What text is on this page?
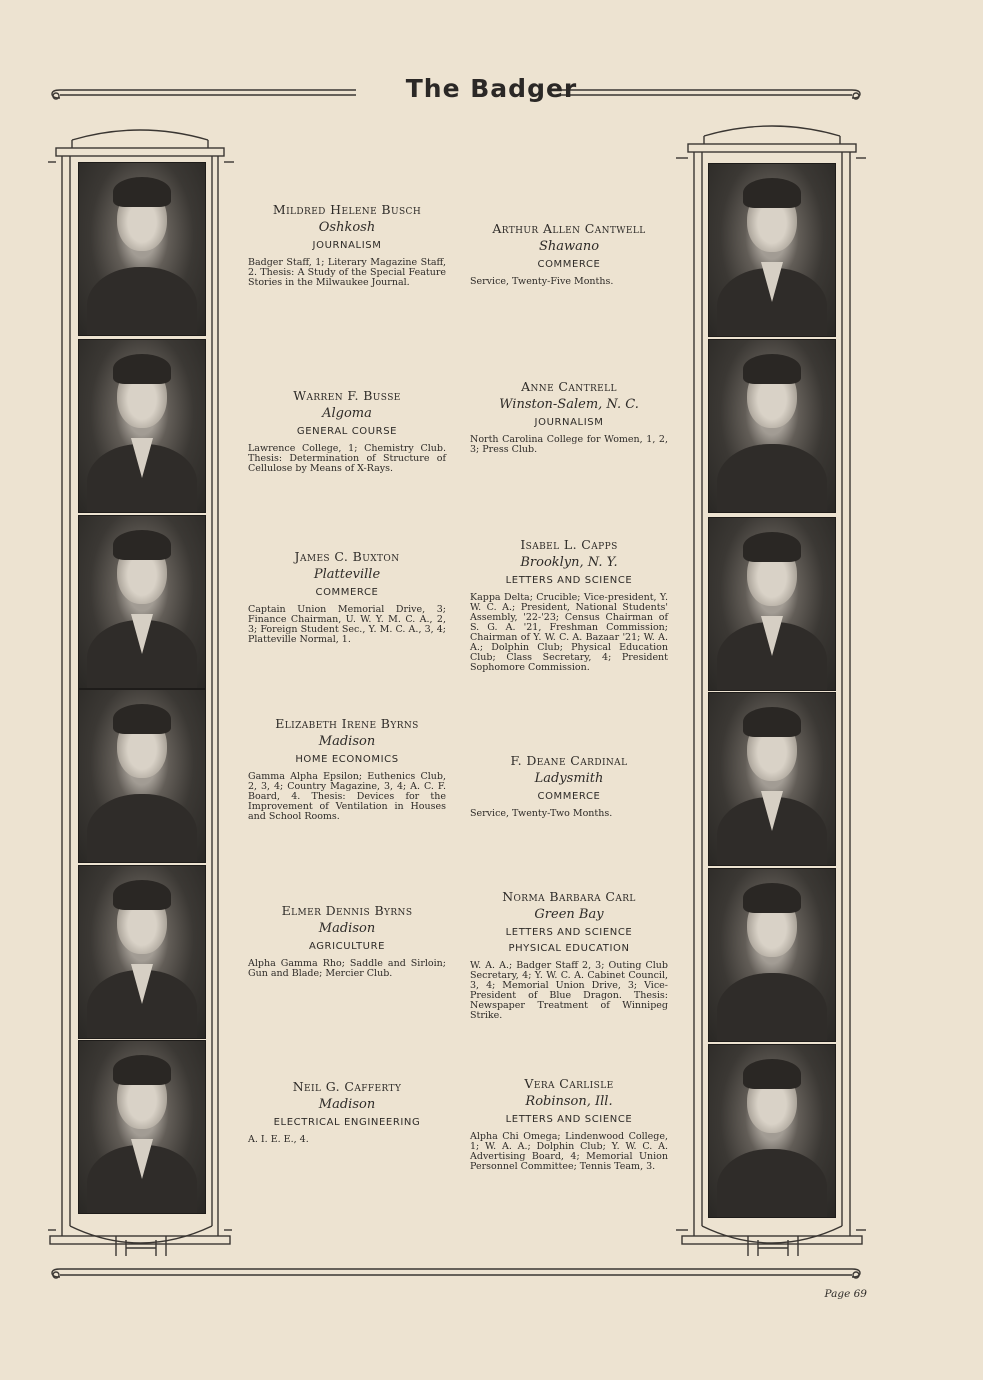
The Badger
Mildred Helene Busch
Oshkosh
JOURNALISM
Badger Staff, 1; Literary Magazine Staff, 2. Thesis: A Study of the Special Feature Stories in the Milwaukee Journal.
Warren F. Busse
Algoma
GENERAL COURSE
Lawrence College, 1; Chemistry Club. Thesis: Determination of Structure of Cellulose by Means of X-Rays.
James C. Buxton
Platteville
COMMERCE
Captain Union Memorial Drive, 3; Finance Chairman, U. W. Y. M. C. A., 2, 3; Foreign Student Sec., Y. M. C. A., 3, 4; Platteville Normal, 1.
Elizabeth Irene Byrns
Madison
HOME ECONOMICS
Gamma Alpha Epsilon; Euthenics Club, 2, 3, 4; Country Magazine, 3, 4; A. C. F. Board, 4. Thesis: Devices for the Improvement of Ventilation in Houses and School Rooms.
Elmer Dennis Byrns
Madison
AGRICULTURE
Alpha Gamma Rho; Saddle and Sirloin; Gun and Blade; Mercier Club.
Neil G. Cafferty
Madison
ELECTRICAL ENGINEERING
A. I. E. E., 4.
Arthur Allen Cantwell
Shawano
COMMERCE
Service, Twenty-Five Months.
Anne Cantrell
Winston-Salem, N. C.
JOURNALISM
North Carolina College for Women, 1, 2, 3; Press Club.
Isabel L. Capps
Brooklyn, N. Y.
LETTERS AND SCIENCE
Kappa Delta; Crucible; Vice-president, Y. W. C. A.; President, National Students' Assembly, '22-'23; Census Chairman of S. G. A. '21, Freshman Commission; Chairman of Y. W. C. A. Bazaar '21; W. A. A.; Dolphin Club; Physical Education Club; Class Secretary, 4; President Sophomore Commission.
F. Deane Cardinal
Ladysmith
COMMERCE
Service, Twenty-Two Months.
Norma Barbara Carl
Green Bay
LETTERS AND SCIENCE
PHYSICAL EDUCATION
W. A. A.; Badger Staff 2, 3; Outing Club Secretary, 4; Y. W. C. A. Cabinet Council, 3, 4; Memorial Union Drive, 3; Vice-President of Blue Dragon. Thesis: Newspaper Treatment of Winnipeg Strike.
Vera Carlisle
Robinson, Ill.
LETTERS AND SCIENCE
Alpha Chi Omega; Lindenwood College, 1; W. A. A.; Dolphin Club; Y. W. C. A. Advertising Board, 4; Memorial Union Personnel Committee; Tennis Team, 3.
Page 69
